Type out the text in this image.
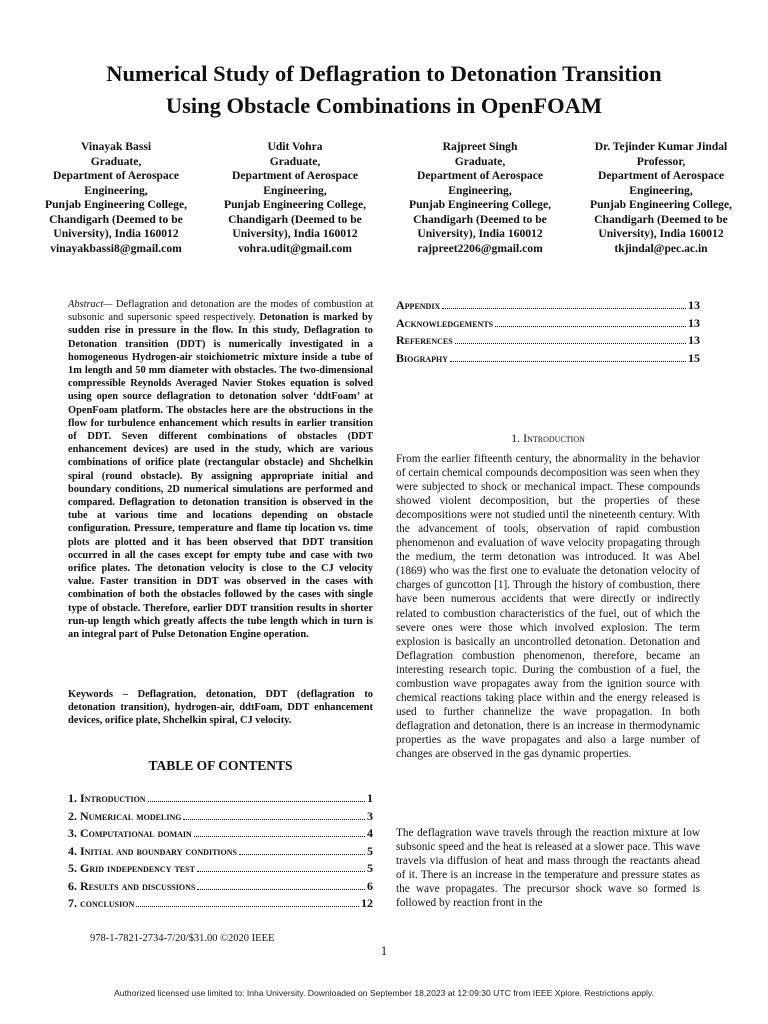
Numerical Study of Deflagration to Detonation Transition
Using Obstacle Combinations in OpenFOAM
Vinayak Bassi
Graduate,
Department of Aerospace
Engineering,
Punjab Engineering College,
Chandigarh (Deemed to be
University), India 160012
vinayakbassi8@gmail.com
Udit Vohra
Graduate,
Department of Aerospace
Engineering,
Punjab Engineering College,
Chandigarh (Deemed to be
University), India 160012
vohra.udit@gmail.com
Rajpreet Singh
Graduate,
Department of Aerospace
Engineering,
Punjab Engineering College,
Chandigarh (Deemed to be
University), India 160012
rajpreet2206@gmail.com
Dr. Tejinder Kumar Jindal
Professor,
Department of Aerospace
Engineering,
Punjab Engineering College,
Chandigarh (Deemed to be
University), India 160012
tkjindal@pec.ac.in
Abstract— Deflagration and detonation are the modes of combustion at subsonic and supersonic speed respectively. Detonation is marked by sudden rise in pressure in the flow. In this study, Deflagration to Detonation transition (DDT) is numerically investigated in a homogeneous Hydrogen-air stoichiometric mixture inside a tube of 1m length and 50 mm diameter with obstacles. The two-dimensional compressible Reynolds Averaged Navier Stokes equation is solved using open source deflagration to detonation solver ‘ddtFoam’ at OpenFoam platform. The obstacles here are the obstructions in the flow for turbulence enhancement which results in earlier transition of DDT. Seven different combinations of obstacles (DDT enhancement devices) are used in the study, which are various combinations of orifice plate (rectangular obstacle) and Shchelkin spiral (round obstacle). By assigning appropriate initial and boundary conditions, 2D numerical simulations are performed and compared. Deflagration to detonation transition is observed in the tube at various time and locations depending on obstacle configuration. Pressure, temperature and flame tip location vs. time plots are plotted and it has been observed that DDT transition occurred in all the cases except for empty tube and case with two orifice plates. The detonation velocity is close to the CJ velocity value. Faster transition in DDT was observed in the cases with combination of both the obstacles followed by the cases with single type of obstacle. Therefore, earlier DDT transition results in shorter run-up length which greatly affects the tube length which in turn is an integral part of Pulse Detonation Engine operation.
Keywords – Deflagration, detonation, DDT (deflagration to detonation transition), hydrogen-air, ddtFoam, DDT enhancement devices, orifice plate, Shchelkin spiral, CJ velocity.
TABLE OF CONTENTS
1. Introduction	1
2. Numerical modeling	3
3. Computational domain	4
4. Initial and boundary conditions	5
5. Grid independency test	5
6. Results and discussions	6
7. conclusion	12
Appendix	13
Acknowledgements	13
References	13
Biography	15
1. Introduction
From the earlier fifteenth century, the abnormality in the behavior of certain chemical compounds decomposition was seen when they were subjected to shock or mechanical impact. These compounds showed violent decomposition, but the properties of these decompositions were not studied until the nineteenth century. With the advancement of tools, observation of rapid combustion phenomenon and evaluation of wave velocity propagating through the medium, the term detonation was introduced. It was Abel (1869) who was the first one to evaluate the detonation velocity of charges of guncotton [1]. Through the history of combustion, there have been numerous accidents that were directly or indirectly related to combustion characteristics of the fuel, out of which the severe ones were those which involved explosion. The term explosion is basically an uncontrolled detonation. Detonation and Deflagration combustion phenomenon, therefore, became an interesting research topic. During the combustion of a fuel, the combustion wave propagates away from the ignition source with chemical reactions taking place within and the energy released is used to further channelize the wave propagation. In both deflagration and detonation, there is an increase in thermodynamic properties as the wave propagates and also a large number of changes are observed in the gas dynamic properties.
The deflagration wave travels through the reaction mixture at low subsonic speed and the heat is released at a slower pace. This wave travels via diffusion of heat and mass through the reactants ahead of it. There is an increase in the temperature and pressure states as the wave propagates. The precursor shock wave so formed is followed by reaction front in the
978-1-7821-2734-7/20/$31.00 ©2020 IEEE
1
Authorized licensed use limited to: Inha University. Downloaded on September 18,2023 at 12:09:30 UTC from IEEE Xplore. Restrictions apply.
